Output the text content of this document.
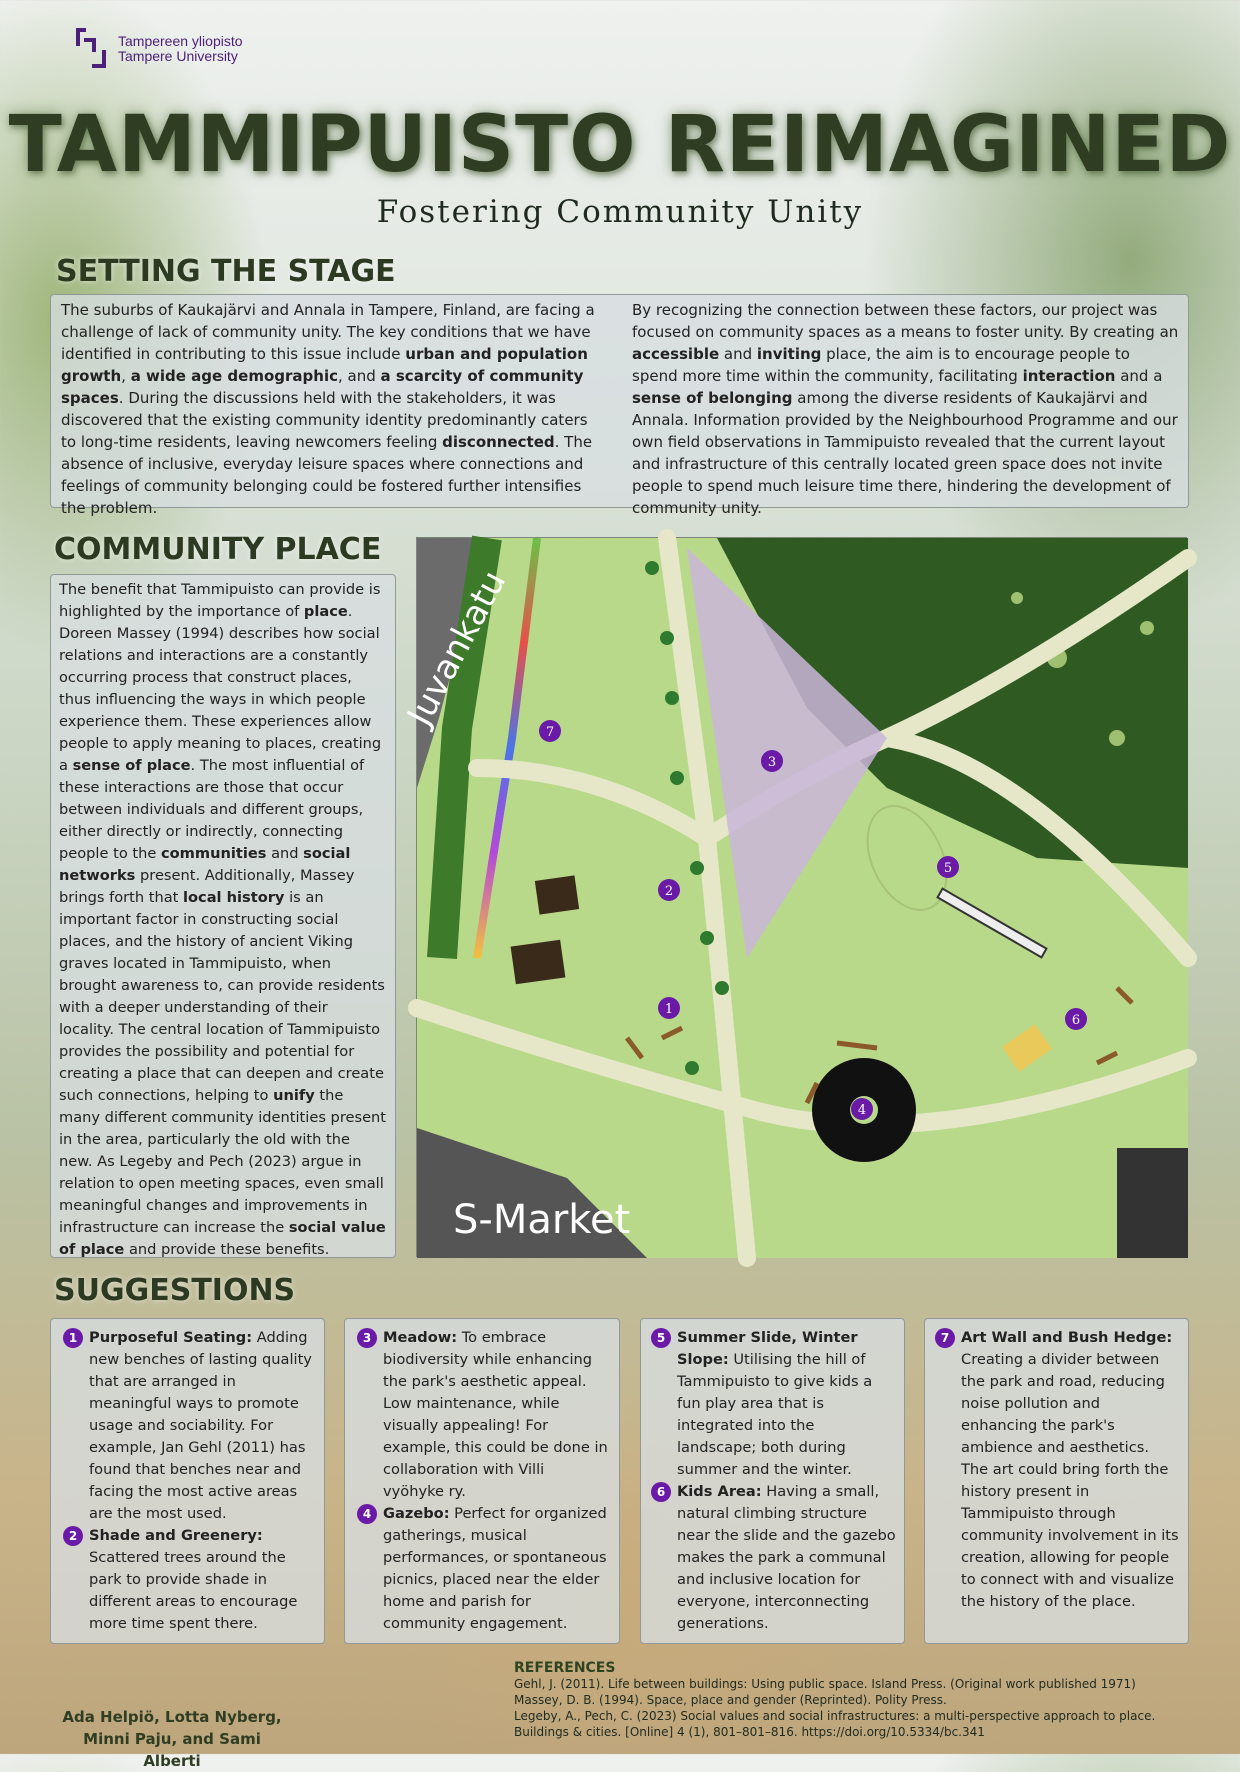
Tampereen yliopisto
Tampere University
TAMMIPUISTO REIMAGINED
Fostering Community Unity
SETTING THE STAGE

The suburbs of Kaukajärvi and Annala in Tampere, Finland, are facing a challenge of lack of community unity. The key conditions that we have identified in contributing to this issue include urban and population growth, a wide age demographic, and a scarcity of community spaces. During the discussions held with the stakeholders, it was discovered that the existing community identity predominantly caters to long-time residents, leaving newcomers feeling disconnected. The absence of inclusive, everyday leisure spaces where connections and feelings of community belonging could be fostered further intensifies the problem.

By recognizing the connection between these factors, our project was focused on community spaces as a means to foster unity. By creating an accessible and inviting place, the aim is to encourage people to spend more time within the community, facilitating interaction and a sense of belonging among the diverse residents of Kaukajärvi and Annala. Information provided by the Neighbourhood Programme and our own field observations in Tammipuisto revealed that the current layout and infrastructure of this centrally located green space does not invite people to spend much leisure time there, hindering the development of community unity.

COMMUNITY PLACE

The benefit that Tammipuisto can provide is highlighted by the importance of place. Doreen Massey (1994) describes how social relations and interactions are a constantly occurring process that construct places, thus influencing the ways in which people experience them. These experiences allow people to apply meaning to places, creating a sense of place. The most influential of these interactions are those that occur between individuals and different groups, either directly or indirectly, connecting people to the communities and social networks present. Additionally, Massey brings forth that local history is an important factor in constructing social places, and the history of ancient Viking graves located in Tammipuisto, when brought awareness to, can provide residents with a deeper understanding of their locality. The central location of Tammipuisto provides the possibility and potential for creating a place that can deepen and create such connections, helping to unify the many different community identities present in the area, particularly the old with the new. As Legeby and Pech (2023) argue in relation to open meeting spaces, even small meaningful changes and improvements in infrastructure can increase the social value of place and provide these benefits.

Juvankatu
S-Market
1
2
3
4
5
6
7
SUGGESTIONS

1 Purposeful Seating: Adding new benches of lasting quality that are arranged in meaningful ways to promote usage and sociability. For example, Jan Gehl (2011) has found that benches near and facing the most active areas are the most used.

2 Shade and Greenery: Scattered trees around the park to provide shade in different areas to encourage more time spent there.

3 Meadow: To embrace biodiversity while enhancing the park's aesthetic appeal. Low maintenance, while visually appealing! For example, this could be done in collaboration with Villi vyöhyke ry.

4 Gazebo: Perfect for organized gatherings, musical performances, or spontaneous picnics, placed near the elder home and parish for community engagement.

5 Summer Slide, Winter Slope: Utilising the hill of Tammipuisto to give kids a fun play area that is integrated into the landscape; both during summer and the winter.

6 Kids Area: Having a small, natural climbing structure near the slide and the gazebo makes the park a communal and inclusive location for everyone, interconnecting generations.

7 Art Wall and Bush Hedge: Creating a divider between the park and road, reducing noise pollution and enhancing the park's ambience and aesthetics. The art could bring forth the history present in Tammipuisto through community involvement in its creation, allowing for people to connect with and visualize the history of the place.

REFERENCES
Gehl, J. (2011). Life between buildings: Using public space. Island Press. (Original work published 1971)
Massey, D. B. (1994). Space, place and gender (Reprinted). Polity Press.
Legeby, A., Pech, C. (2023) Social values and social infrastructures: a multi-perspective approach to place.
Buildings & cities. [Online] 4 (1), 801–801–816. https://doi.org/10.5334/bc.341
Ada Helpiö, Lotta Nyberg,
Minni Paju, and Sami Alberti
